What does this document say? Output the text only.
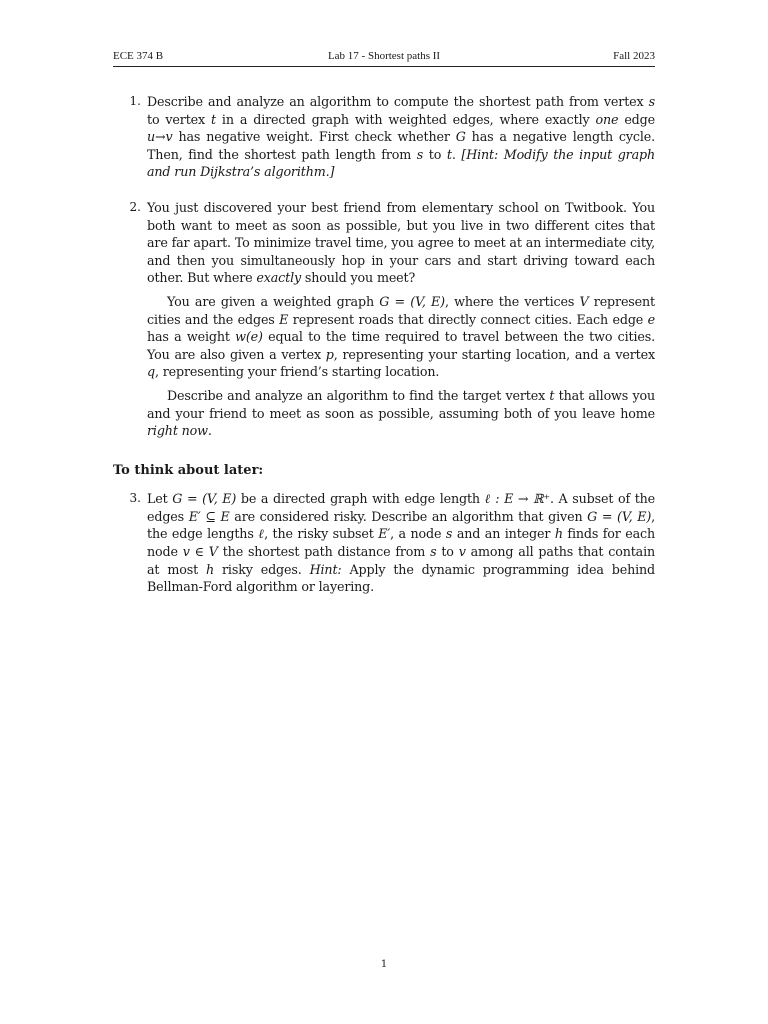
ECE 374 B	Lab 17 - Shortest paths II	Fall 2023
1. Describe and analyze an algorithm to compute the shortest path from vertex s to vertex t in a directed graph with weighted edges, where exactly one edge u→v has negative weight. First check whether G has a negative length cycle. Then, find the shortest path length from s to t. [Hint: Modify the input graph and run Dijkstra’s algorithm.]

2. You just discovered your best friend from elementary school on Twitbook. You both want to meet as soon as possible, but you live in two different cites that are far apart. To minimize travel time, you agree to meet at an intermediate city, and then you simultaneously hop in your cars and start driving toward each other. But where exactly should you meet?

You are given a weighted graph G = (V, E), where the vertices V represent cities and the edges E represent roads that directly connect cities. Each edge e has a weight w(e) equal to the time required to travel between the two cities. You are also given a vertex p, representing your starting location, and a vertex q, representing your friend’s starting location.

Describe and analyze an algorithm to find the target vertex t that allows you and your friend to meet as soon as possible, assuming both of you leave home right now.

To think about later:
3. Let G = (V, E) be a directed graph with edge length ℓ : E → ℝ⁺. A subset of the edges E′ ⊆ E are considered risky. Describe an algorithm that given G = (V, E), the edge lengths ℓ, the risky subset E′, a node s and an integer h finds for each node v ∈ V the shortest path distance from s to v among all paths that contain at most h risky edges. Hint: Apply the dynamic programming idea behind Bellman-Ford algorithm or layering.

1
